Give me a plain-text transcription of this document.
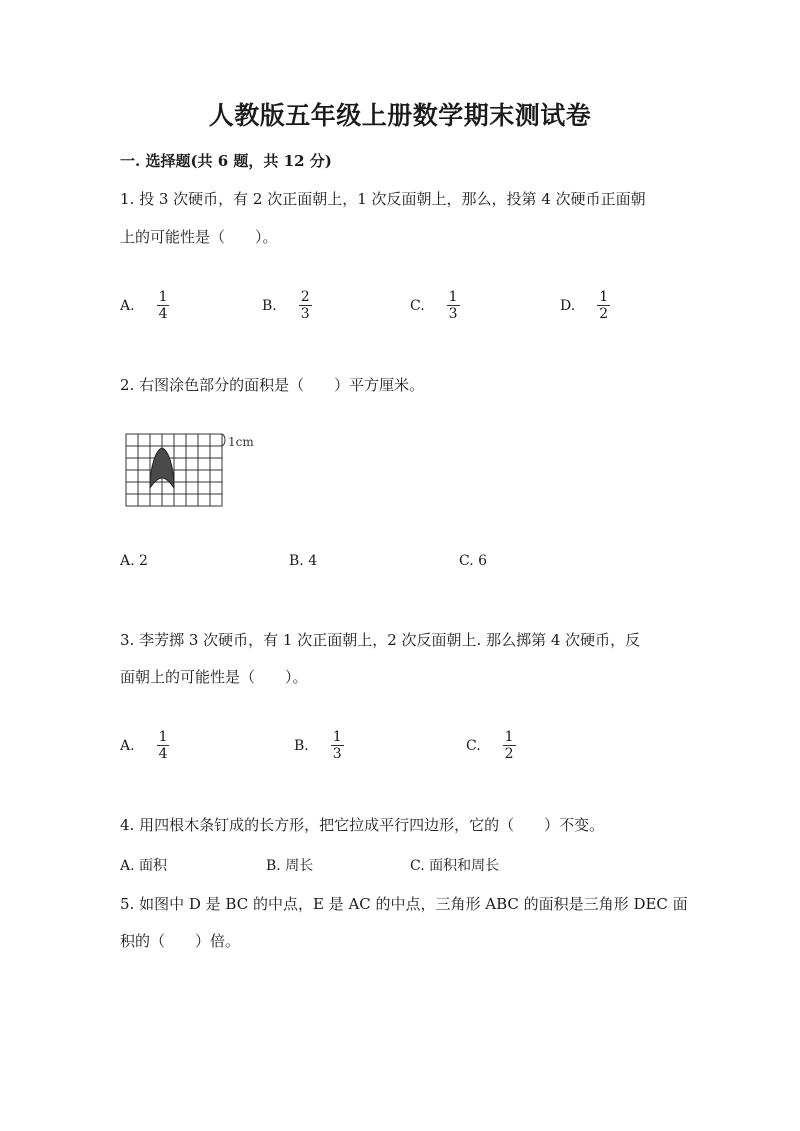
人教版五年级上册数学期末测试卷
一. 选择题(共 6 题，共 12 分)
1. 投 3 次硬币，有 2 次正面朝上，1 次反面朝上，那么，投第 4 次硬币正面朝
上的可能性是（　　）。
A. $\frac{1}{4}$	B. $\frac{2}{3}$	C. $\frac{1}{3}$	D. $\frac{1}{2}$
2. 右图涂色部分的面积是（　　）平方厘米。
1cm
A. 2	B. 4	C. 6
3. 李芳掷 3 次硬币，有 1 次正面朝上，2 次反面朝上. 那么掷第 4 次硬币，反
面朝上的可能性是（　　）。
A. $\frac{1}{4}$	B. $\frac{1}{3}$	C. $\frac{1}{2}$
4. 用四根木条钉成的长方形，把它拉成平行四边形，它的（　　）不变。
A. 面积	B. 周长	C. 面积和周长
5. 如图中 D 是 BC 的中点，E 是 AC 的中点，三角形 ABC 的面积是三角形 DEC 面
积的（　　）倍。
